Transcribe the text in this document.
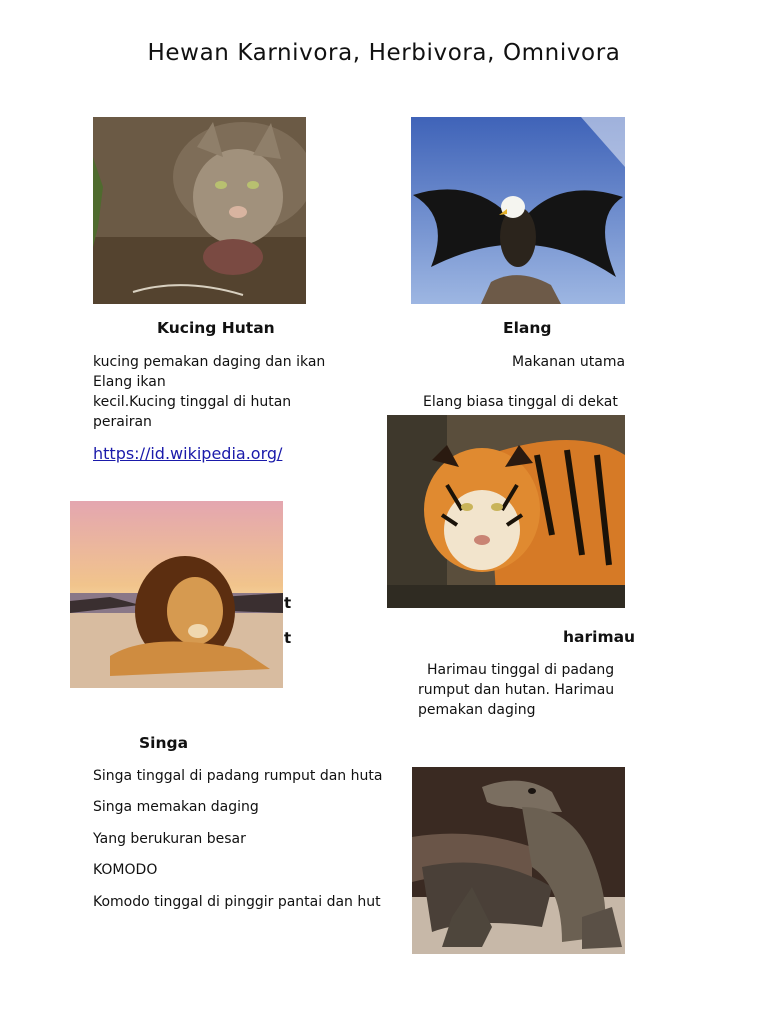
Hewan Karnivora, Herbivora, Omnivora
Kucing Hutan	Elang
kucing pemakan daging dan ikan
Elang ikan
kecil.Kucing tinggal di hutan
perairan
Makanan utama
Elang biasa tinggal di dekat
https://id.wikipedia.org/
t
t	harimau
Harimau tinggal di padang
rumput dan hutan. Harimau
pemakan daging
Singa
Singa tinggal di padang rumput dan huta
Singa memakan daging
Yang berukuran besar
KOMODO
Komodo tinggal di pinggir pantai dan hut
